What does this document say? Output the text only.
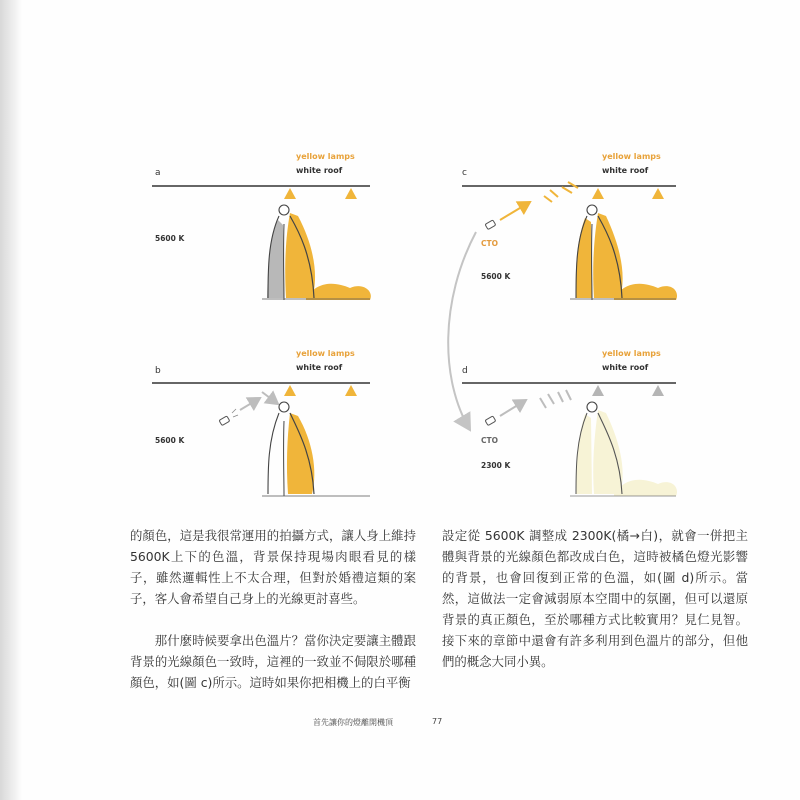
a
yellow lamps
white roof
5600 K
b
yellow lamps
white roof
5600 K
c
yellow lamps
white roof
CTO
5600 K
d
yellow lamps
white roof
CTO
2300 K

的顏色，這是我很常運用的拍攝方式，讓人身上維持5600K上下的色溫，背景保持現場肉眼看見的樣子，雖然邏輯性上不太合理，但對於婚禮這類的案子，客人會希望自己身上的光線更討喜些。

那什麼時候要拿出色溫片？當你決定要讓主體跟背景的光線顏色一致時，這裡的一致並不侷限於哪種顏色，如(圖 c)所示。這時如果你把相機上的白平衡

設定從 5600K 調整成 2300K(橘→白)，就會一併把主體與背景的光線顏色都改成白色，這時被橘色燈光影響的背景，也會回復到正常的色溫，如(圖 d)所示。當然，這做法一定會減弱原本空間中的氛圍，但可以還原背景的真正顏色，至於哪種方式比較實用？見仁見智。接下來的章節中還會有許多利用到色溫片的部分，但他們的概念大同小異。

首先讓你的燈離開機頂	77
